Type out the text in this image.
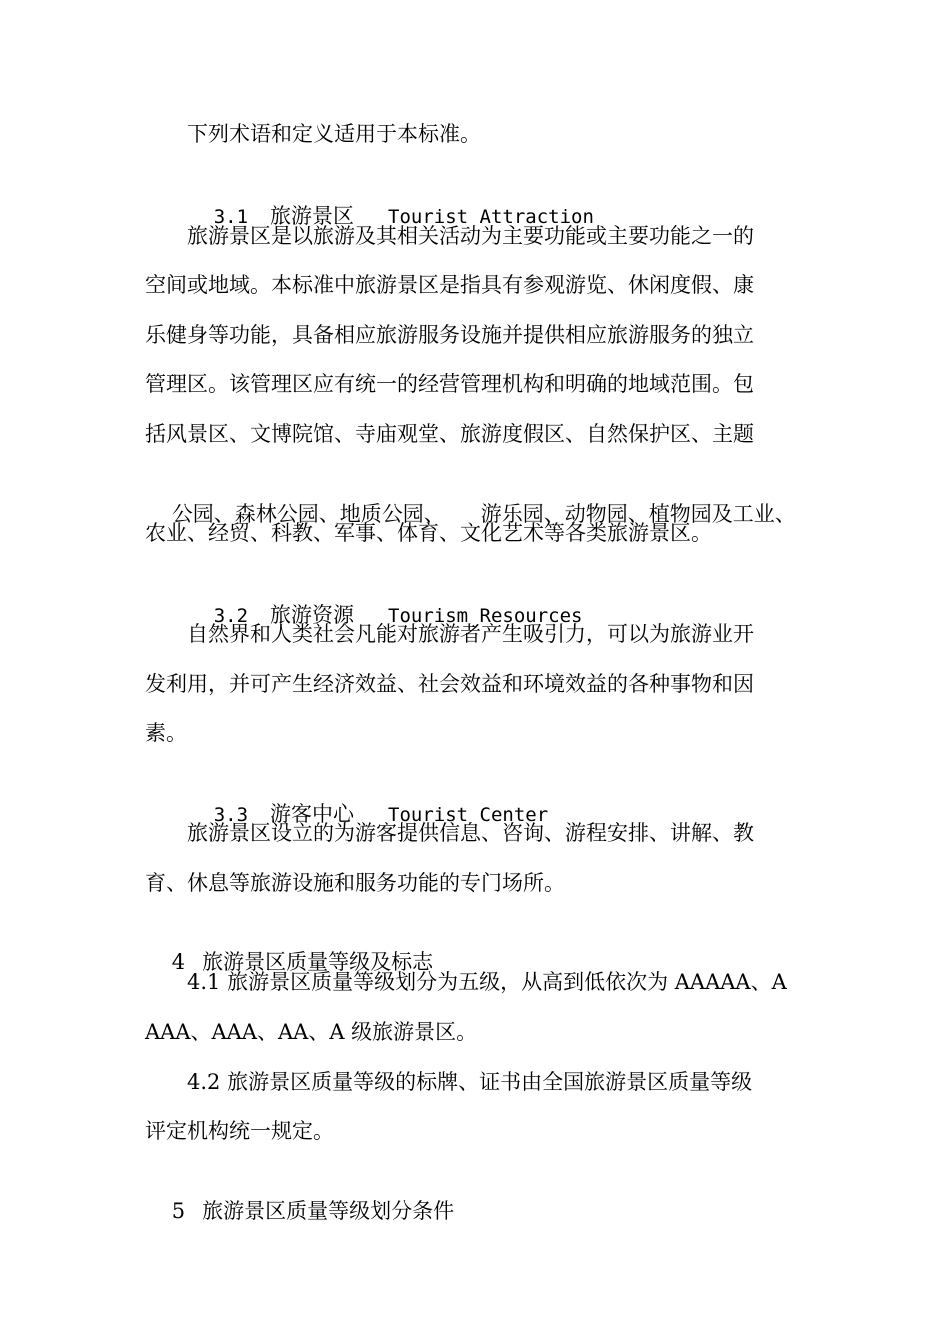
下列术语和定义适用于本标准。

3.1 旅游景区 Tourist Attraction

旅游景区是以旅游及其相关活动为主要功能或主要功能之一的
空间或地域。本标准中旅游景区是指具有参观游览、休闲度假、康
乐健身等功能，具备相应旅游服务设施并提供相应旅游服务的独立
管理区。该管理区应有统一的经营管理机构和明确的地域范围。包
括风景区、文博院馆、寺庙观堂、旅游度假区、自然保护区、主题

公园、森林公园、地质公园、 游乐园、动物园、植物园及工业、

农业、经贸、科教、军事、体育、文化艺术等各类旅游景区。

3.2 旅游资源 Tourism Resources

自然界和人类社会凡能对旅游者产生吸引力，可以为旅游业开
发利用，并可产生经济效益、社会效益和环境效益的各种事物和因
素。

3.3 游客中心 Tourist Center

旅游景区设立的为游客提供信息、咨询、游程安排、讲解、教
育、休息等旅游设施和服务功能的专门场所。

4 旅游景区质量等级及标志

4.1 旅游景区质量等级划分为五级，从高到低依次为 AAAAA、A
AAA、AAA、AA、A 级旅游景区。
4.2 旅游景区质量等级的标牌、证书由全国旅游景区质量等级
评定机构统一规定。

5 旅游景区质量等级划分条件
